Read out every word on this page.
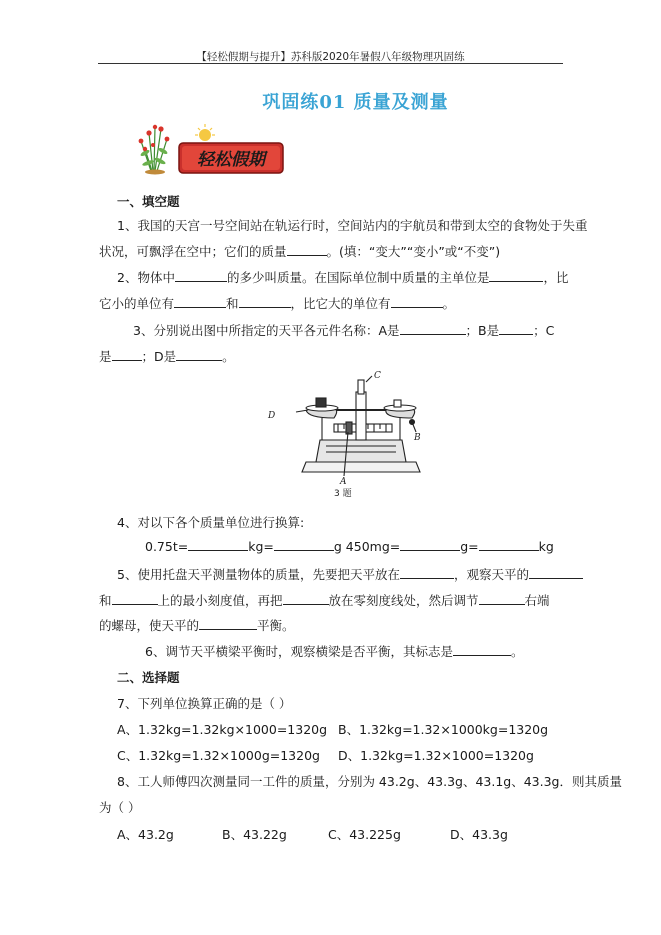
【轻松假期与提升】苏科版2020年暑假八年级物理巩固练
巩固练01 质量及测量
轻松假期
一、填空题
1、我国的天宫一号空间站在轨运行时，空间站内的宇航员和带到太空的食物处于失重
状况，可飘浮在空中；它们的质量	。(填：“变大”“变小”或“不变”)
2、物体中	的多少叫质量。在国际单位制中质量的主单位是	，比
它小的单位有	和	，比它大的单位有	。
3、分别说出图中所指定的天平各元件名称：A是	；B是	；C
是 ；D是	。
C
B
D
A
3 题
4、对以下各个质量单位进行换算:
0.75t=	kg=	g 450mg=	g=	kg
5、使用托盘天平测量物体的质量，先要把天平放在	，观察天平的
和	上的最小刻度值，再把	放在零刻度线处，然后调节	右端
的螺母，使天平的	平衡。
6、调节天平横梁平衡时，观察横梁是否平衡，其标志是	。
二、选择题
7、下列单位换算正确的是（ ）
A、1.32kg=1.32kg×1000=1320g B、1.32kg=1.32×1000kg=1320g
C、1.32kg=1.32×1000g=1320g D、1.32kg=1.32×1000=1320g
8、工人师傅四次测量同一工件的质量，分别为 43.2g、43.3g、43.1g、43.3g．则其质量
为（ ）
A、43.2g	B、43.22g	C、43.225g	D、43.3g
